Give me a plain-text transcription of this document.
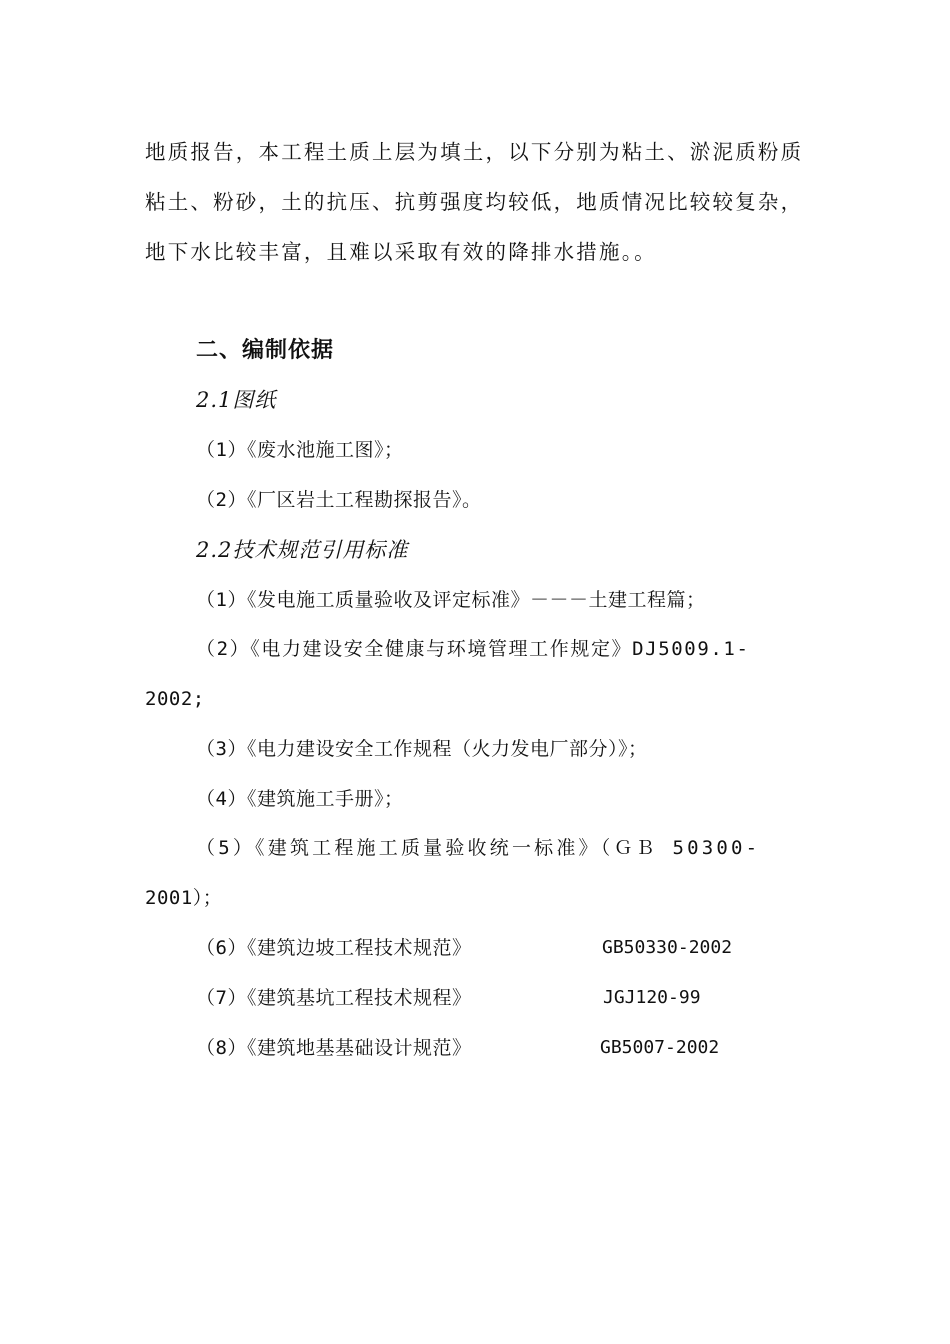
地质报告，本工程土质上层为填土，以下分别为粘土、淤泥质粉质
粘土、粉砂，土的抗压、抗剪强度均较低，地质情况比较较复杂，
地下水比较丰富，且难以采取有效的降排水措施。。
二、编制依据
2.1图纸
（1）《废水池施工图》；
（2）《厂区岩土工程勘探报告》。
2.2技术规范引用标准
（1）《发电施工质量验收及评定标准》－－－土建工程篇；
（2）《电力建设安全健康与环境管理工作规定》DJ5009.1-
2002;
（3）《电力建设安全工作规程（火力发电厂部分）》；
（4）《建筑施工手册》；
（5）《建筑工程施工质量验收统一标准》（ＧＢ 50300-
2001）；
（6）《建筑边坡工程技术规范》	GB50330-2002
（7）《建筑基坑工程技术规程》	JGJ120-99
（8）《建筑地基基础设计规范》	GB5007-2002
